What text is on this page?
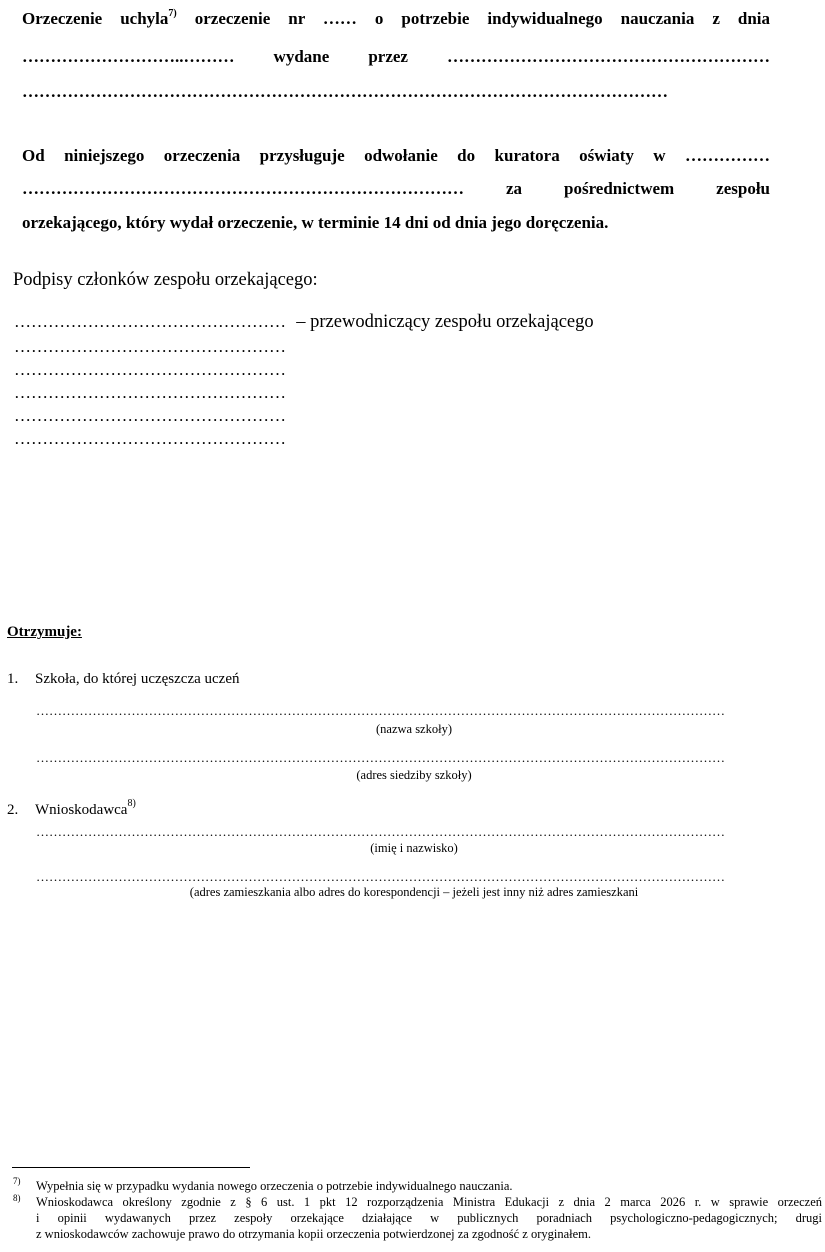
Orzeczenie uchyla$^{7)}$ orzeczenie nr …… o potrzebie indywidualnego nauczania z dnia
………………………..……… wydane przez …………………………………………………
……………………………………………………………………………………………………
Od niniejszego orzeczenia przysługuje odwołanie do kuratora oświaty w ……………
…………………………………………………………………… za pośrednictwem zespołu
orzekającego, który wydał orzeczenie, w terminie 14 dni od dnia jego doręczenia.
Podpisy członków zespołu orzekającego:
………………………………………… – przewodniczący zespołu orzekającego
…………………………………………
…………………………………………
…………………………………………
…………………………………………
…………………………………………
Otrzymuje:
1. Szkoła, do której uczęszcza uczeń
……………………………………………………………………………………………………………………………………………
(nazwa szkoły)
……………………………………………………………………………………………………………………………………………
(adres siedziby szkoły)
2. Wnioskodawca$^{8)}$
……………………………………………………………………………………………………………………………………………
(imię i nazwisko)
……………………………………………………………………………………………………………………………………………
(adres zamieszkania albo adres do korespondencji – jeżeli jest inny niż adres zamieszkani
7) Wypełnia się w przypadku wydania nowego orzeczenia o potrzebie indywidualnego nauczania.
8) Wnioskodawca określony zgodnie z § 6 ust. 1 pkt 12 rozporządzenia Ministra Edukacji z dnia 2 marca 2026 r. w sprawie orzeczeń
i opinii wydawanych przez zespoły orzekające działające w publicznych poradniach psychologiczno-pedagogicznych; drugi
z wnioskodawców zachowuje prawo do otrzymania kopii orzeczenia potwierdzonej za zgodność z oryginałem.
